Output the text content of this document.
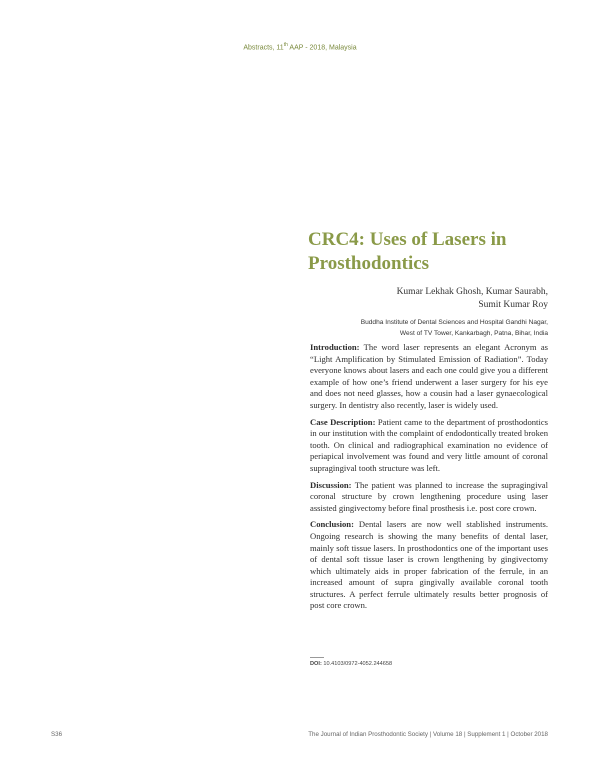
Abstracts, 11th AAP - 2018, Malaysia
CRC4: Uses of Lasers in Prosthodontics
Kumar Lekhak Ghosh, Kumar Saurabh,
Sumit Kumar Roy
Buddha Institute of Dental Sciences and Hospital Gandhi Nagar,
West of TV Tower, Kankarbagh, Patna, Bihar, India

Introduction: The word laser represents an elegant Acronym as “Light Amplification by Stimulated Emission of Radiation”. Today everyone knows about lasers and each one could give you a different example of how one’s friend underwent a laser surgery for his eye and does not need glasses, how a cousin had a laser gynaecological surgery. In dentistry also recently, laser is widely used.

Case Description: Patient came to the department of prosthodontics in our institution with the complaint of endodontically treated broken tooth. On clinical and radiographical examination no evidence of periapical involvement was found and very little amount of coronal supragingival tooth structure was left.

Discussion: The patient was planned to increase the supragingival coronal structure by crown lengthening procedure using laser assisted gingivectomy before final prosthesis i.e. post core crown.

Conclusion: Dental lasers are now well stablished instruments. Ongoing research is showing the many benefits of dental laser, mainly soft tissue lasers. In prosthodontics one of the important uses of dental soft tissue laser is crown lengthening by gingivectomy which ultimately aids in proper fabrication of the ferrule, in an increased amount of supra gingivally available coronal tooth structures. A perfect ferrule ultimately results better prognosis of post core crown.

DOI: 10.4103/0972-4052.244658
S36	The Journal of Indian Prosthodontic Society | Volume 18 | Supplement 1 | October 2018
